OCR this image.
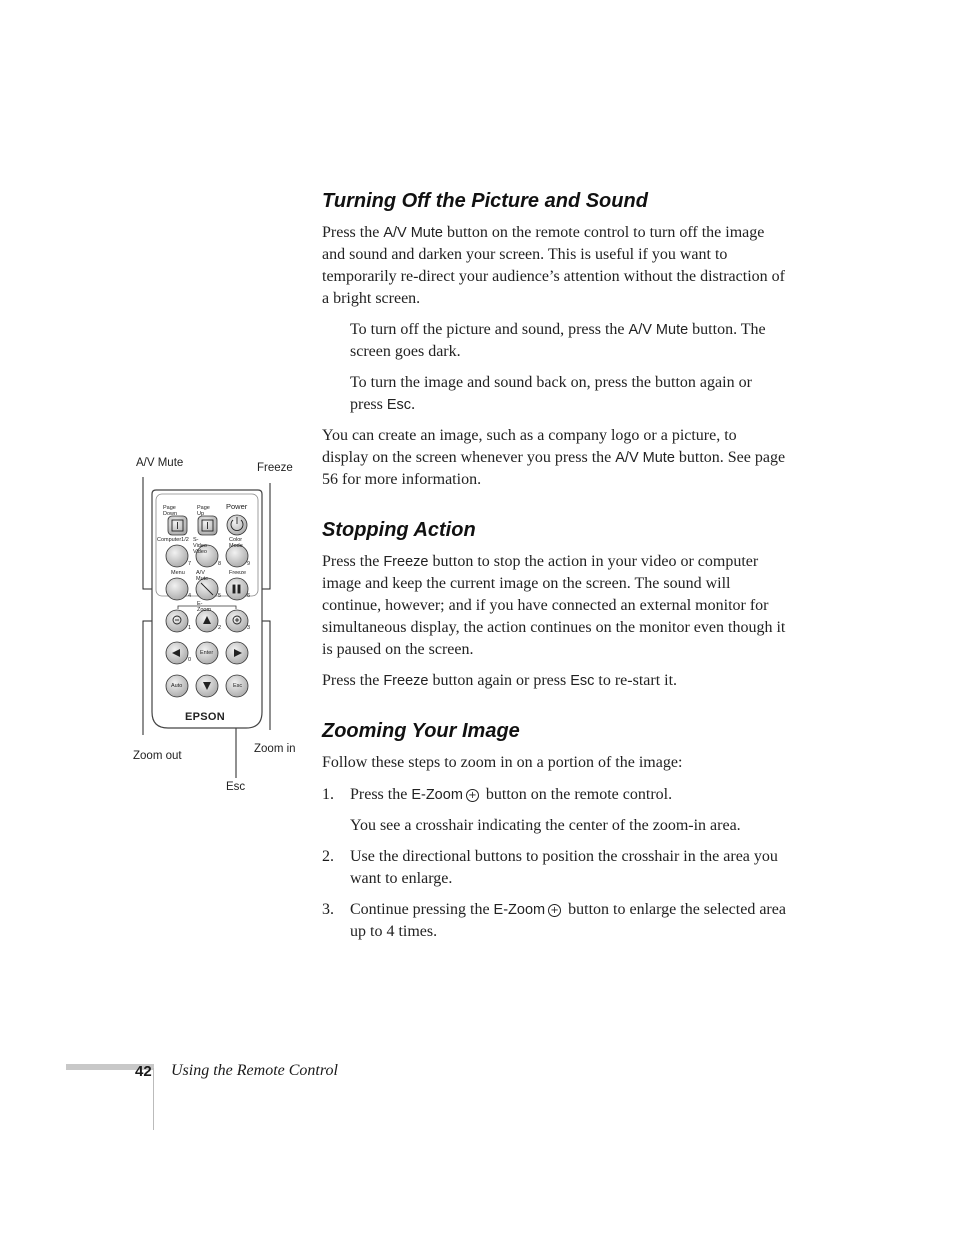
Turning Off the Picture and Sound

Press the A/V Mute button on the remote control to turn off the image and sound and darken your screen. This is useful if you want to temporarily re-direct your audience’s attention without the distraction of a bright screen.

To turn off the picture and sound, press the A/V Mute button. The screen goes dark.

To turn the image and sound back on, press the button again or press Esc.

You can create an image, such as a company logo or a picture, to display on the screen whenever you press the A/V Mute button. See page 56 for more information.

Stopping Action

Press the Freeze button to stop the action in your video or computer image and keep the current image on the screen. The sound will continue, however; and if you have connected an external monitor for simultaneous display, the action continues on the monitor even though it is paused on the screen.

Press the Freeze button again or press Esc to re-start it.

Zooming Your Image

Follow these steps to zoom in on a portion of the image:

1. Press the E-Zoom + button on the remote control.

You see a crosshair indicating the center of the zoom-in area.

2. Use the directional buttons to position the crosshair in the area you want to enlarge.

3. Continue pressing the E-Zoom + button to enlarge the selected area up to 4 times.

A/V Mute	Freeze
Zoom out
Zoom in
Esc
Page Down
Page Up
Power
Computer1/2 S-Video Video
Color Mode
Menu A/V Mute
Freeze
E-Zoom
Enter
Auto	Esc
7	8	9
4	5	6
1	2	3
0
EPSON
42 Using the Remote Control
